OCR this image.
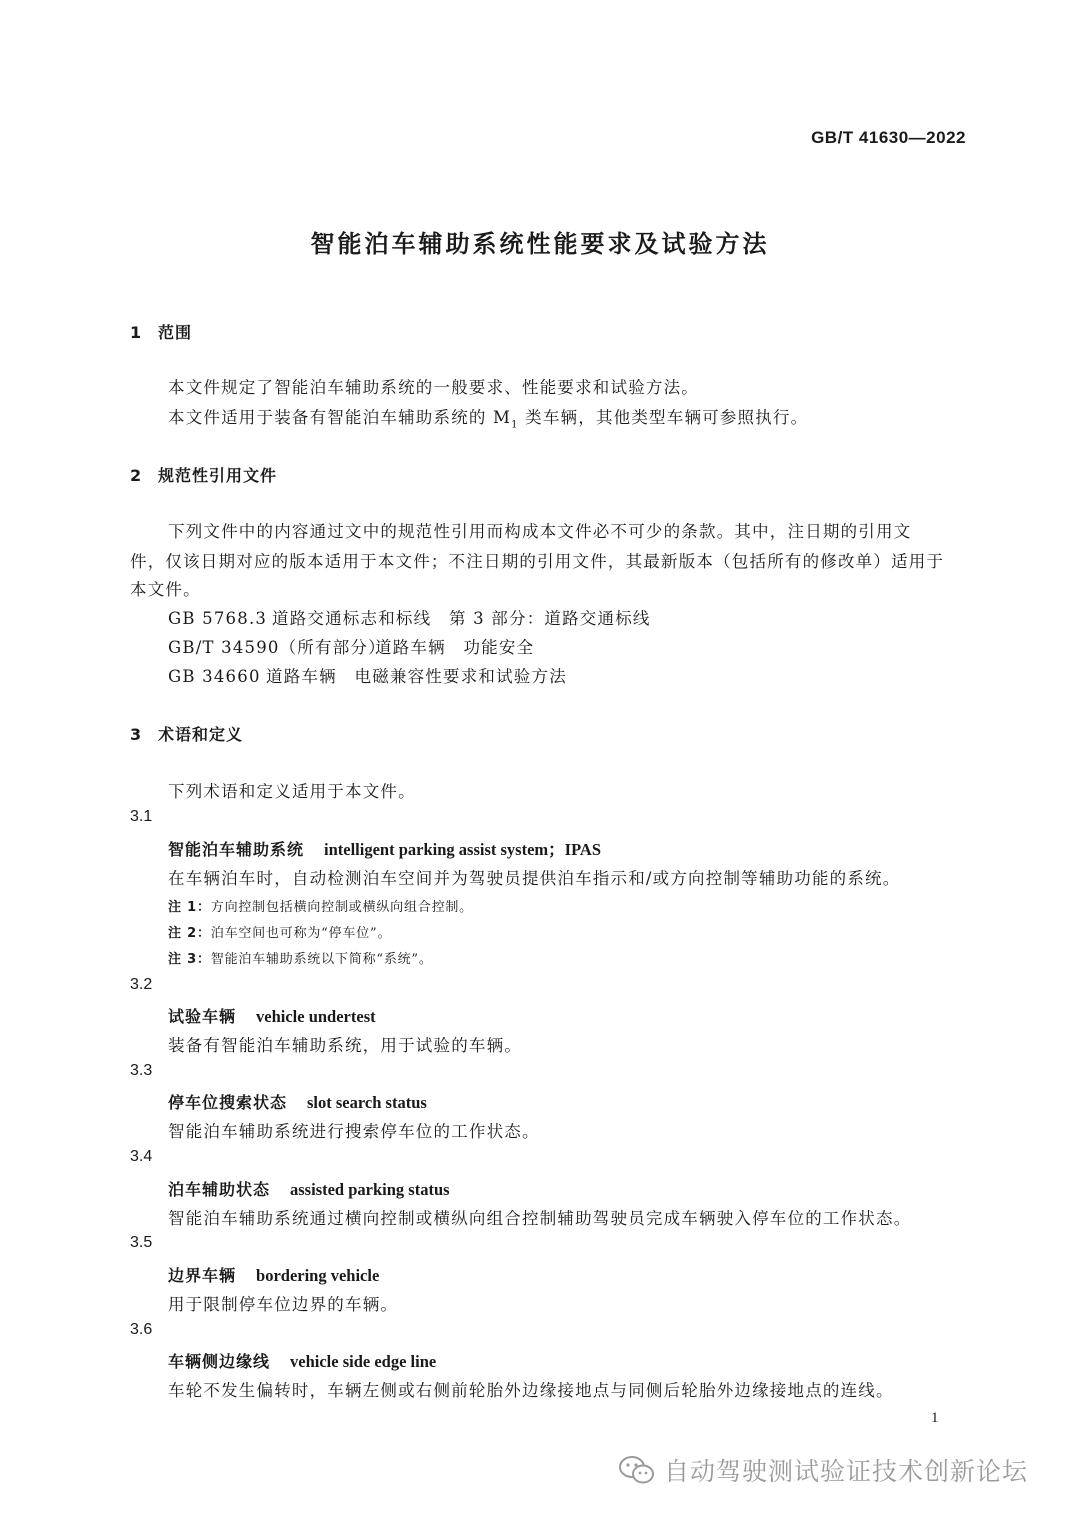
GB/T 41630—2022
智能泊车辅助系统性能要求及试验方法
1 范围
本文件规定了智能泊车辅助系统的一般要求、性能要求和试验方法。
本文件适用于装备有智能泊车辅助系统的 $M_1$ 类车辆，其他类型车辆可参照执行。
2 规范性引用文件
下列文件中的内容通过文中的规范性引用而构成本文件必不可少的条款。其中，注日期的引用文
件，仅该日期对应的版本适用于本文件；不注日期的引用文件，其最新版本（包括所有的修改单）适用于
本文件。
GB 5768.3 道路交通标志和标线　第 3 部分：道路交通标线
GB/T 34590（所有部分）道路车辆　功能安全
GB 34660 道路车辆　电磁兼容性要求和试验方法
3 术语和定义
下列术语和定义适用于本文件。
3.1
智能泊车辅助系统 intelligent parking assist system；IPAS
在车辆泊车时，自动检测泊车空间并为驾驶员提供泊车指示和/或方向控制等辅助功能的系统。
注 1：方向控制包括横向控制或横纵向组合控制。
注 2：泊车空间也可称为“停车位”。
注 3：智能泊车辅助系统以下简称“系统”。
3.2
试验车辆 vehicle undertest
装备有智能泊车辅助系统，用于试验的车辆。
3.3
停车位搜索状态 slot search status
智能泊车辅助系统进行搜索停车位的工作状态。
3.4
泊车辅助状态 assisted parking status
智能泊车辅助系统通过横向控制或横纵向组合控制辅助驾驶员完成车辆驶入停车位的工作状态。
3.5
边界车辆 bordering vehicle
用于限制停车位边界的车辆。
3.6
车辆侧边缘线 vehicle side edge line
车轮不发生偏转时，车辆左侧或右侧前轮胎外边缘接地点与同侧后轮胎外边缘接地点的连线。
1
自动驾驶测试验证技术创新论坛
